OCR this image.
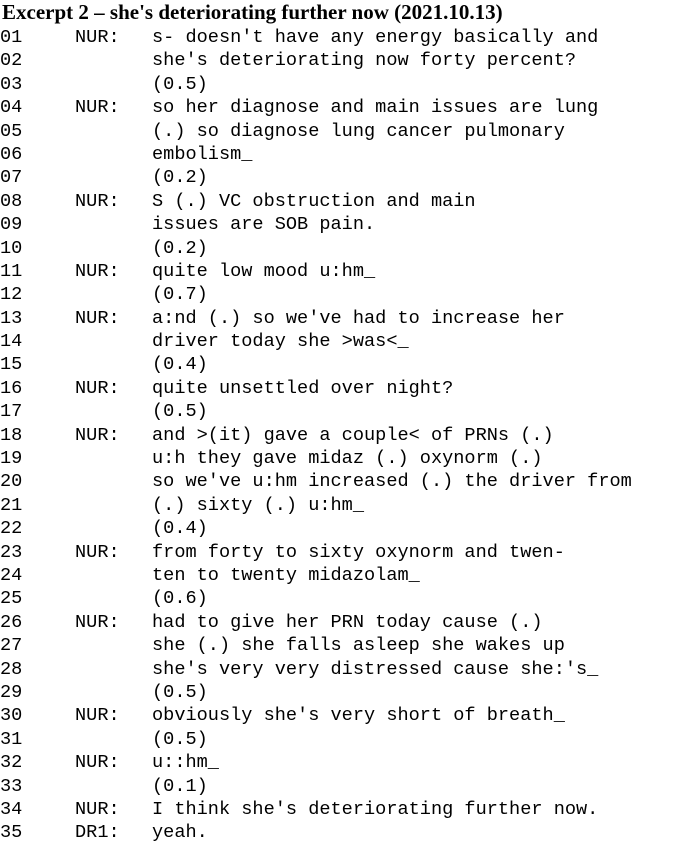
Excerpt 2 – she's deteriorating further now (2021.10.13)
01	NUR: s- doesn't have any energy basically and
02	she's deteriorating now forty percent?
03	(0.5)
04	NUR: so her diagnose and main issues are lung
05	(.) so diagnose lung cancer pulmonary
06	embolism_
07	(0.2)
08	NUR: S (.) VC obstruction and main
09	issues are SOB pain.
10	(0.2)
11	NUR: quite low mood u:hm_
12	(0.7)
13	NUR: a:nd (.) so we've had to increase her
14	driver today she >was<_
15	(0.4)
16	NUR: quite unsettled over night?
17	(0.5)
18	NUR: and >(it) gave a couple< of PRNs (.)
19	u:h they gave midaz (.) oxynorm (.)
20	so we've u:hm increased (.) the driver from
21	(.) sixty (.) u:hm_
22	(0.4)
23	NUR: from forty to sixty oxynorm and twen-
24	ten to twenty midazolam_
25	(0.6)
26	NUR: had to give her PRN today cause (.)
27	she (.) she falls asleep she wakes up
28	she's very very distressed cause she:'s_
29	(0.5)
30	NUR: obviously she's very short of breath_
31	(0.5)
32	NUR: u::hm_
33	(0.1)
34	NUR: I think she's deteriorating further now.
35	DR1: yeah.
